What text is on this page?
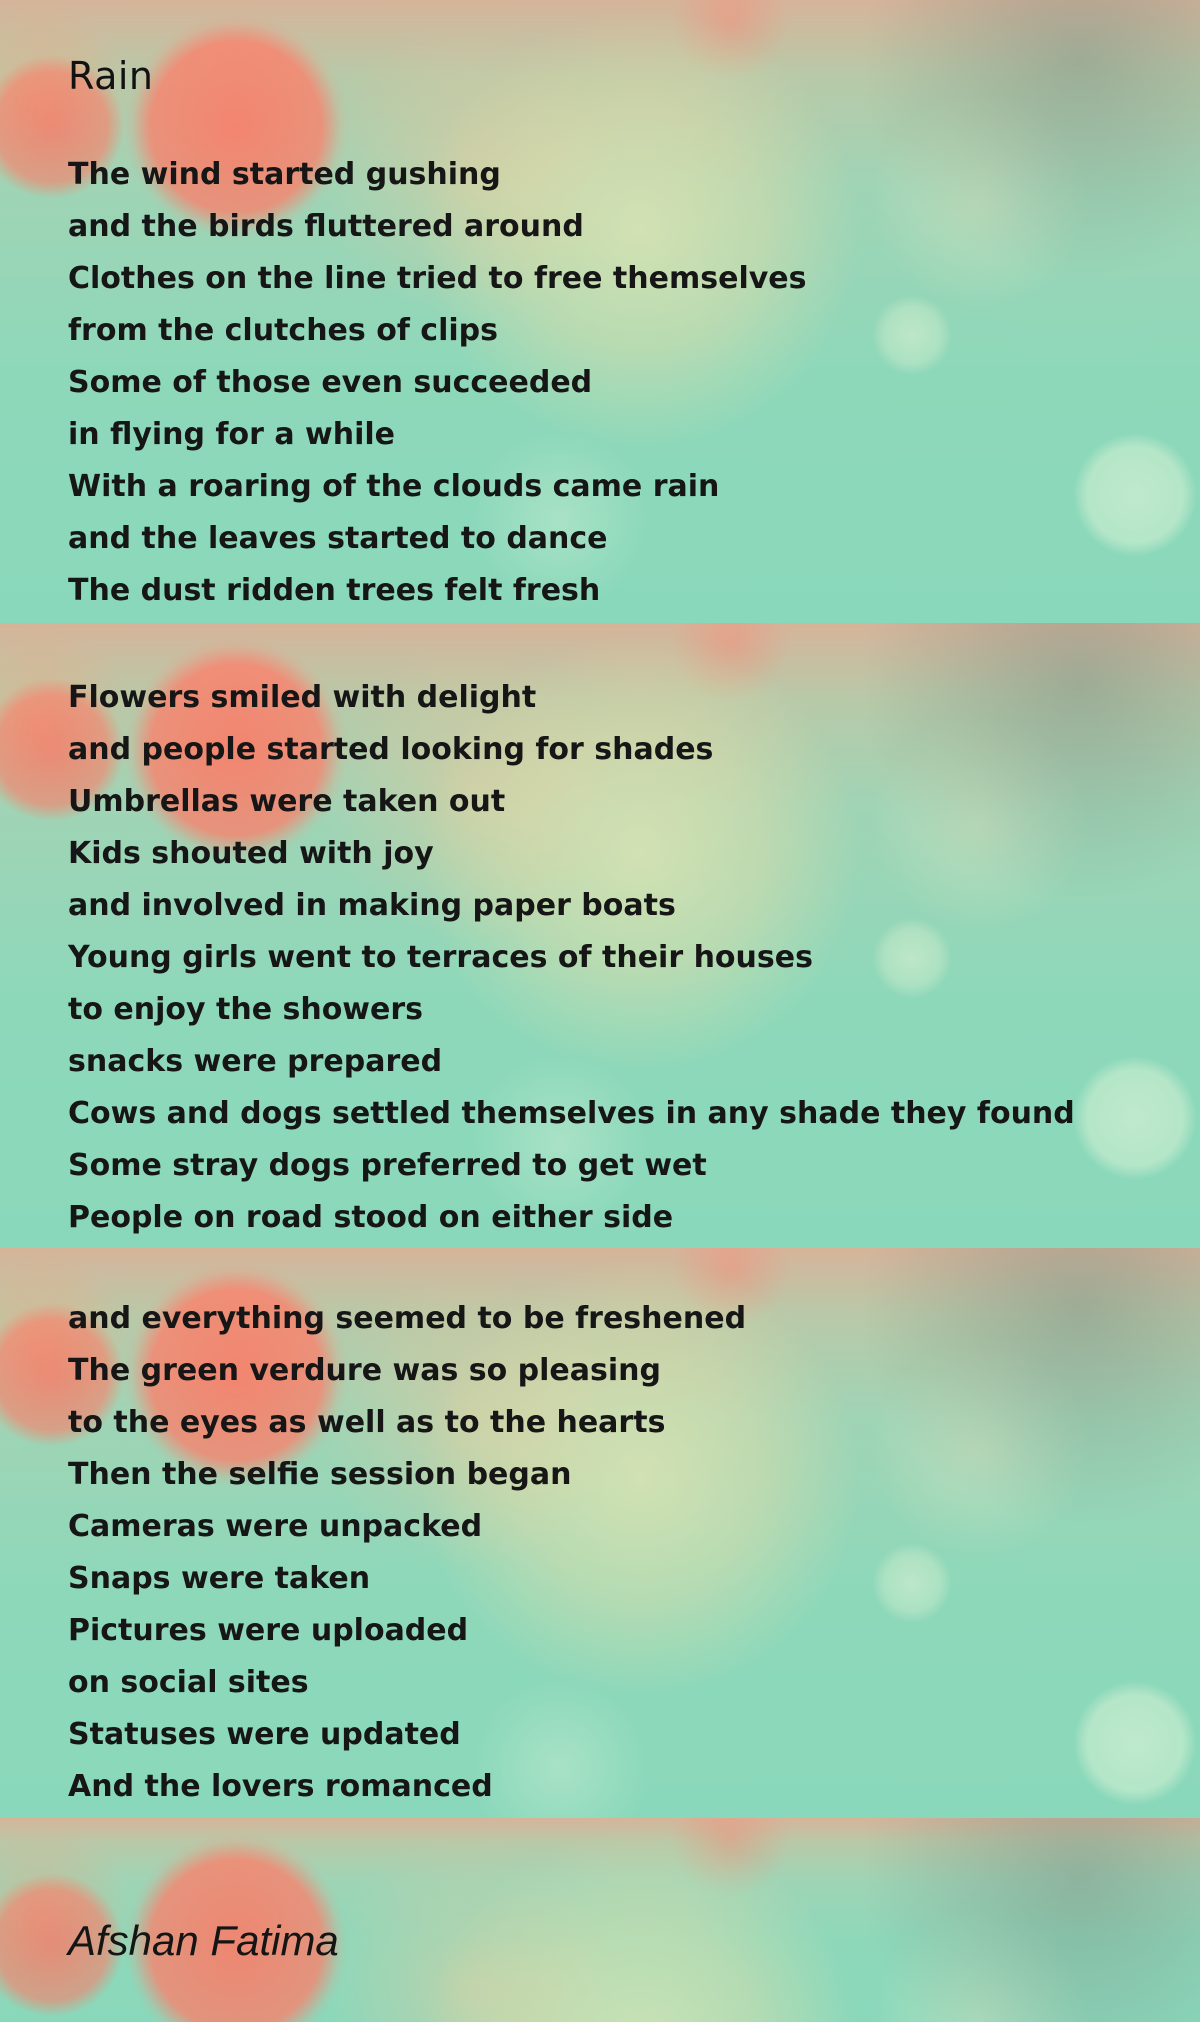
Rain
The wind started gushing
and the birds fluttered around
Clothes on the line tried to free themselves
from the clutches of clips
Some of those even succeeded
in flying for a while
With a roaring of the clouds came rain
and the leaves started to dance
The dust ridden trees felt fresh
Flowers smiled with delight
and people started looking for shades
Umbrellas were taken out
Kids shouted with joy
and involved in making paper boats
Young girls went to terraces of their houses
to enjoy the showers
snacks were prepared
Cows and dogs settled themselves in any shade they found
Some stray dogs preferred to get wet
People on road stood on either side
and everything seemed to be freshened
The green verdure was so pleasing
to the eyes as well as to the hearts
Then the selfie session began
Cameras were unpacked
Snaps were taken
Pictures were uploaded
on social sites
Statuses were updated
And the lovers romanced

Afshan Fatima
